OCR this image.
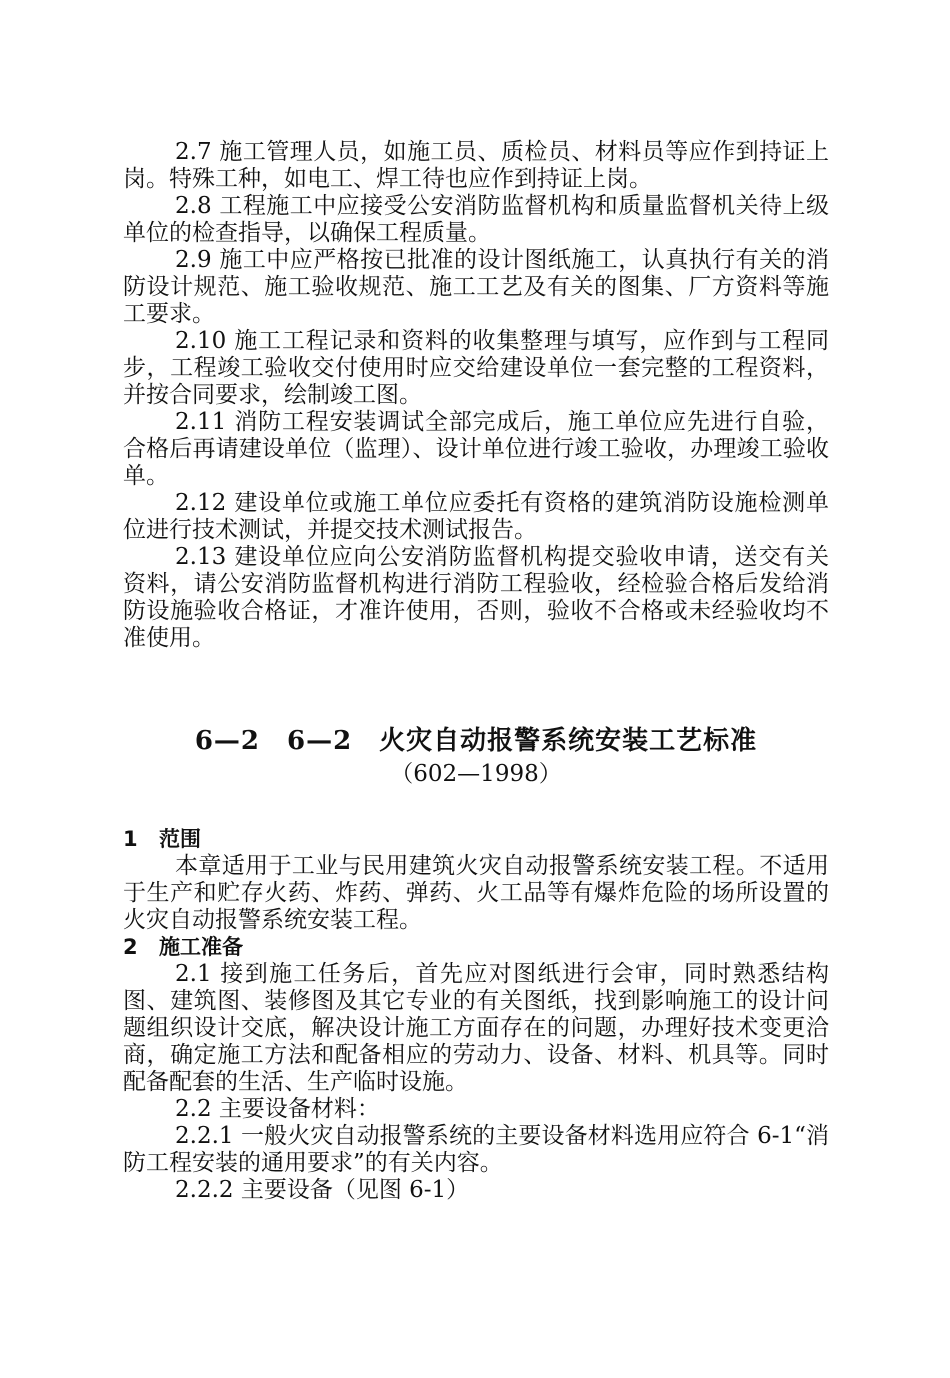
2.7 施工管理人员，如施工员、质检员、材料员等应作到持证上岗。特殊工种，如电工、焊工待也应作到持证上岗。

2.8 工程施工中应接受公安消防监督机构和质量监督机关待上级单位的检查指导，以确保工程质量。

2.9 施工中应严格按已批准的设计图纸施工，认真执行有关的消防设计规范、施工验收规范、施工工艺及有关的图集、厂方资料等施工要求。

2.10 施工工程记录和资料的收集整理与填写，应作到与工程同步，工程竣工验收交付使用时应交给建设单位一套完整的工程资料，并按合同要求，绘制竣工图。

2.11 消防工程安装调试全部完成后，施工单位应先进行自验，合格后再请建设单位（监理）、设计单位进行竣工验收，办理竣工验收单。

2.12 建设单位或施工单位应委托有资格的建筑消防设施检测单位进行技术测试，并提交技术测试报告。

2.13 建设单位应向公安消防监督机构提交验收申请，送交有关资料，请公安消防监督机构进行消防工程验收，经检验合格后发给消防设施验收合格证，才准许使用，否则，验收不合格或未经验收均不准使用。

6—2　6—2　火灾自动报警系统安装工艺标准

（602—1998）

1 范围

本章适用于工业与民用建筑火灾自动报警系统安装工程。不适用于生产和贮存火药、炸药、弹药、火工品等有爆炸危险的场所设置的火灾自动报警系统安装工程。

2 施工准备

2.1 接到施工任务后，首先应对图纸进行会审，同时熟悉结构图、建筑图、装修图及其它专业的有关图纸，找到影响施工的设计问题组织设计交底，解决设计施工方面存在的问题，办理好技术变更洽商，确定施工方法和配备相应的劳动力、设备、材料、机具等。同时配备配套的生活、生产临时设施。

2.2 主要设备材料：

2.2.1 一般火灾自动报警系统的主要设备材料选用应符合 6-1“消防工程安装的通用要求”的有关内容。

2.2.2 主要设备（见图 6-1）
